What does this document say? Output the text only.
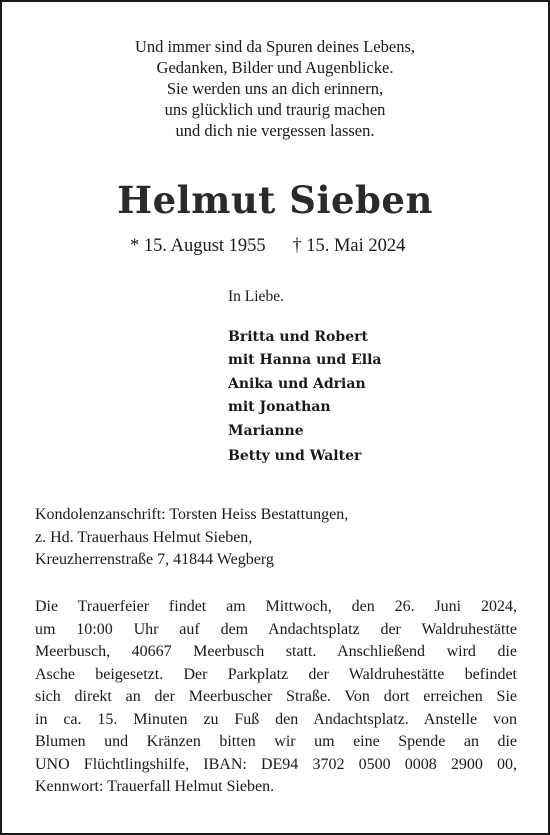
Und immer sind da Spuren deines Lebens,
Gedanken, Bilder und Augenblicke.
Sie werden uns an dich erinnern,
uns glücklich und traurig machen
und dich nie vergessen lassen.
Helmut Sieben
* 15. August 1955 † 15. Mai 2024
In Liebe.
Britta und Robert
mit Hanna und Ella
Anika und Adrian
mit Jonathan
Marianne
Betty und Walter
Kondolenzanschrift: Torsten Heiss Bestattungen,
z. Hd. Trauerhaus Helmut Sieben,
Kreuzherrenstraße 7, 41844 Wegberg
Die Trauerfeier findet am Mittwoch, den 26. Juni 2024,
um 10:00 Uhr auf dem Andachtsplatz der Waldruhestätte
Meerbusch, 40667 Meerbusch statt. Anschließend wird die
Asche beigesetzt. Der Parkplatz der Waldruhestätte befindet
sich direkt an der Meerbuscher Straße. Von dort erreichen Sie
in ca. 15. Minuten zu Fuß den Andachtsplatz. Anstelle von
Blumen und Kränzen bitten wir um eine Spende an die
UNO Flüchtlingshilfe, IBAN: DE94 3702 0500 0008 2900 00,
Kennwort: Trauerfall Helmut Sieben.
